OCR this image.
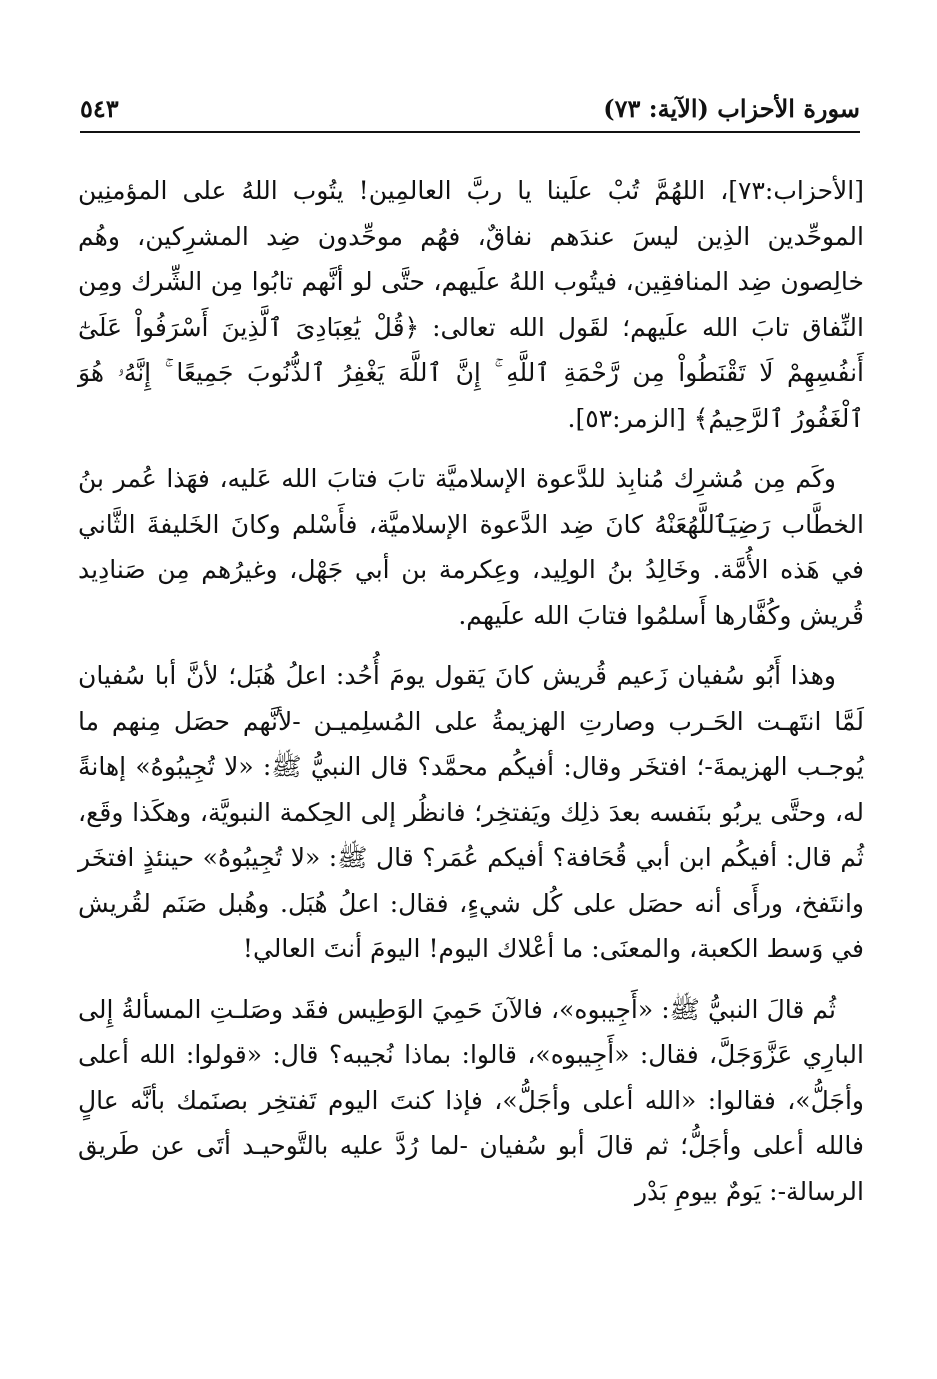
سورة الأحزاب (الآية: ٧٣)
٥٤٣

[الأحزاب:٧٣]، اللهُمَّ تُبْ علَينا يا ربَّ العالمِين! يتُوب اللهُ على المؤمنِين الموحِّدين الذِين ليسَ عندَهم نفاقٌ، فهُم موحِّدون ضِد المشرِكين، وهُم خالِصون ضِد المنافقِين، فيتُوب اللهُ علَيهم، حتَّى لو أنَّهم تابُوا مِن الشِّرك ومِن النِّفاق تابَ الله علَيهم؛ لقَول الله تعالى: ﴿قُلْ يَٰعِبَادِىَ ٱلَّذِينَ أَسْرَفُواْ عَلَىٰٓ أَنفُسِهِمْ لَا تَقْنَطُواْ مِن رَّحْمَةِ ٱللَّهِ ۚ إِنَّ ٱللَّهَ يَغْفِرُ ٱلذُّنُوبَ جَمِيعًا ۚ إِنَّهُۥ هُوَ ٱلْغَفُورُ ٱلرَّحِيمُ﴾ [الزمر:٥٣].

وكَم مِن مُشرِك مُنابِذ للدَّعوة الإسلاميَّة تابَ فتابَ الله عَليه، فهَذا عُمر بنُ الخطَّاب رَضِيَٱللَّهُعَنْهُ كانَ ضِد الدَّعوة الإسلاميَّة، فأَسْلم وكانَ الخَليفةَ الثَّاني في هَذه الأُمَّة. وخَالِدُ بنُ الولِيد، وعِكرمة بن أبي جَهْل، وغيرُهم مِن صَنادِيد قُريش وكُفَّارها أَسلمُوا فتابَ الله علَيهم.

وهذا أَبُو سُفيان زَعيم قُريش كانَ يَقول يومَ أُحُد: اعلُ هُبَل؛ لأنَّ أبا سُفيان لَمَّا انتَهـت الحَـرب وصارتِ الهزيمةُ على المُسلِميـن -لأنَّهم حصَل مِنهم ما يُوجـب الهزيمةَ-؛ افتخَر وقال: أفيكُم محمَّد؟ قال النبيُّ ﷺ: «لا تُجِيبُوهُ» إهانةً له، وحتَّى يربُو بنَفسه بعدَ ذلِك ويَفتخِر؛ فانظُر إلى الحِكمة النبويَّة، وهكَذا وقَع، ثُم قال: أفيكُم ابن أبي قُحَافة؟ أفيكم عُمَر؟ قال ﷺ: «لا تُجِيبُوهُ» حينئذٍ افتخَر وانتَفخ، ورأَى أنه حصَل على كُل شيءٍ، فقال: اعلُ هُبَل. وهُبل صَنَم لقُريش في وَسط الكعبة، والمعنَى: ما أعْلاك اليوم! اليومَ أنتَ العالي!

ثُم قالَ النبيُّ ﷺ: «أَجِيبوه»، فالآنَ حَمِيَ الوَطِيس فقَد وصَلـتِ المسألةُ إِلى البارِي عَزَّوَجَلَّ، فقال: «أَجِيبوه»، قالوا: بماذا نُجيبه؟ قال: «قولوا: الله أعلى وأجَلُّ»، فقالوا: «الله أعلى وأجَلُّ»، فإذا كنتَ اليوم تَفتخِر بصنَمك بأنَّه عالٍ فالله أعلى وأجَلُّ؛ ثم قالَ أبو سُفيان -لما رُدَّ عليه بالتَّوحيـد أتَى عن طَريق الرسالة-: يَومٌ بيومِ بَدْر
